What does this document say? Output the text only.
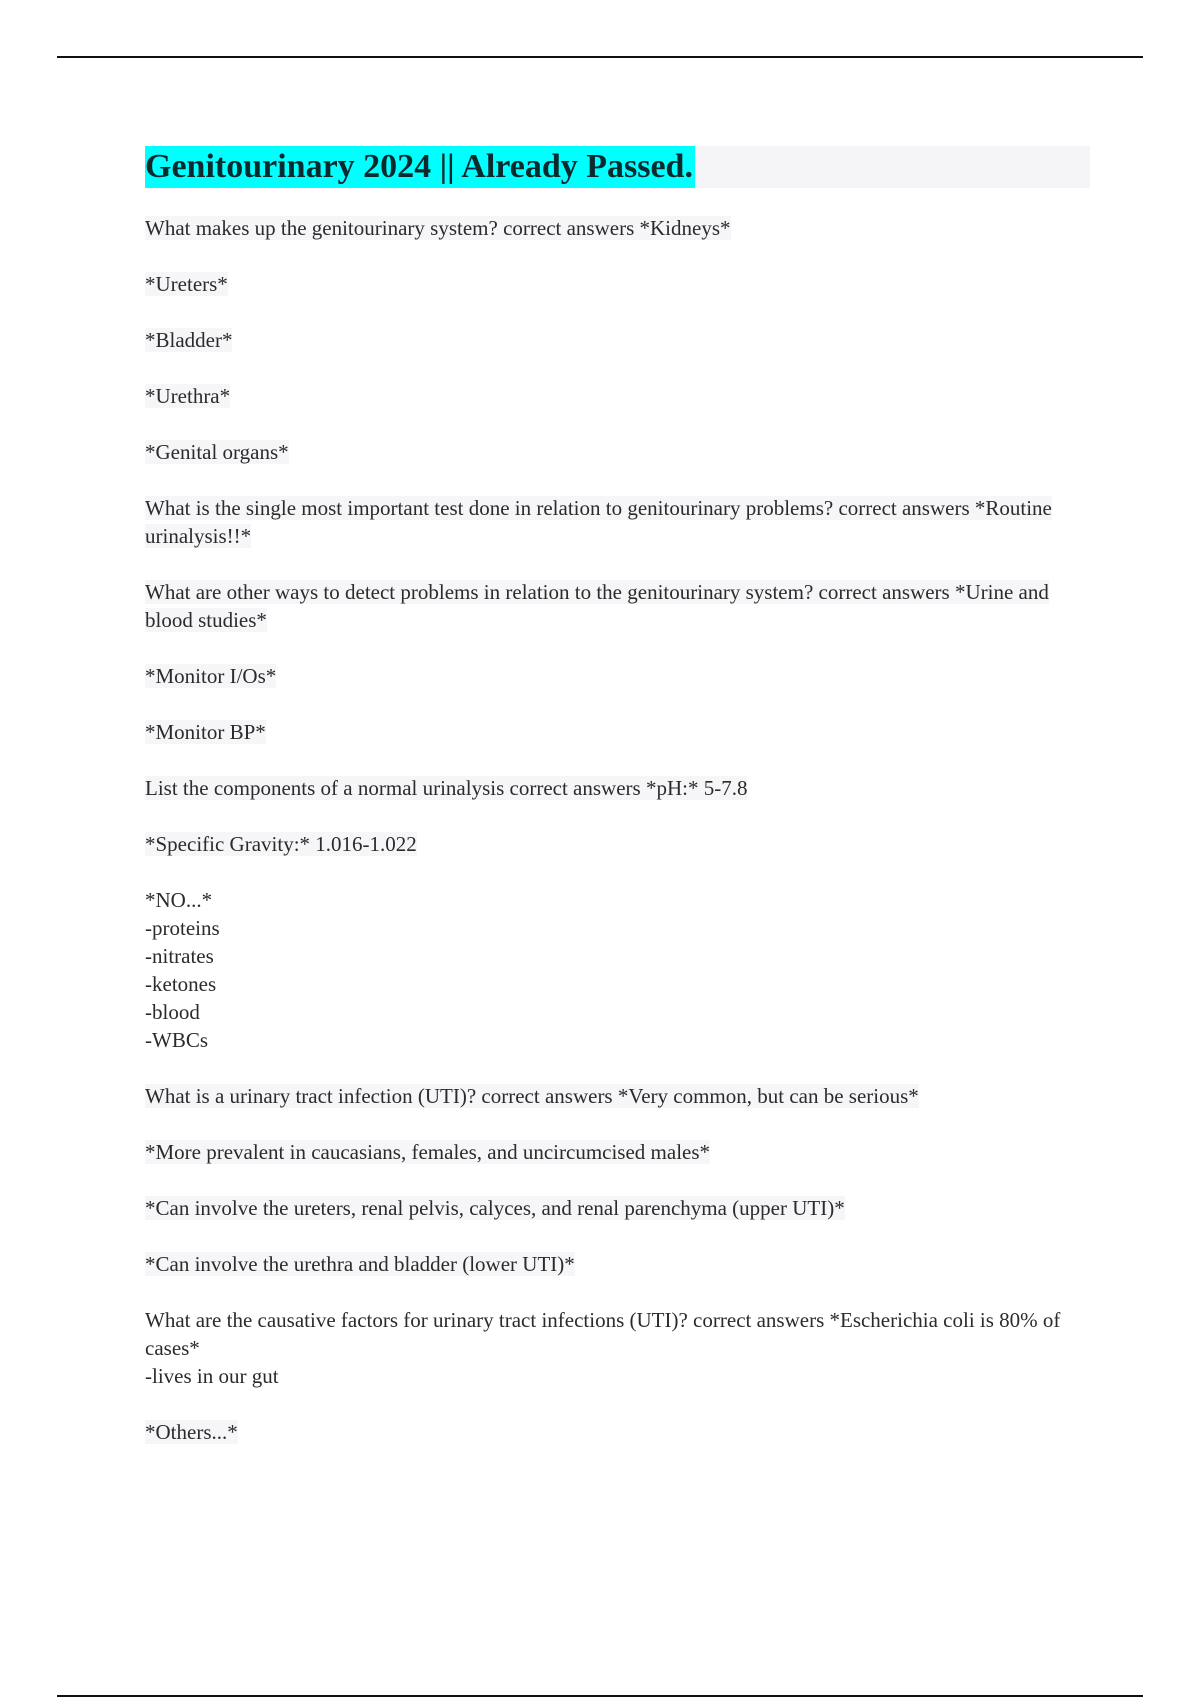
Genitourinary 2024 || Already Passed.

What makes up the genitourinary system? correct answers *Kidneys*

*Ureters*

*Bladder*

*Urethra*

*Genital organs*

What is the single most important test done in relation to genitourinary problems? correct answers *Routine urinalysis!!*

What are other ways to detect problems in relation to the genitourinary system? correct answers *Urine and blood studies*

*Monitor I/Os*

*Monitor BP*

List the components of a normal urinalysis correct answers *pH:* 5-7.8

*Specific Gravity:* 1.016-1.022

*NO...*
-proteins
-nitrates
-ketones
-blood
-WBCs

What is a urinary tract infection (UTI)? correct answers *Very common, but can be serious*

*More prevalent in caucasians, females, and uncircumcised males*

*Can involve the ureters, renal pelvis, calyces, and renal parenchyma (upper UTI)*

*Can involve the urethra and bladder (lower UTI)*

What are the causative factors for urinary tract infections (UTI)? correct answers *Escherichia coli is 80% of cases*
-lives in our gut

*Others...*
